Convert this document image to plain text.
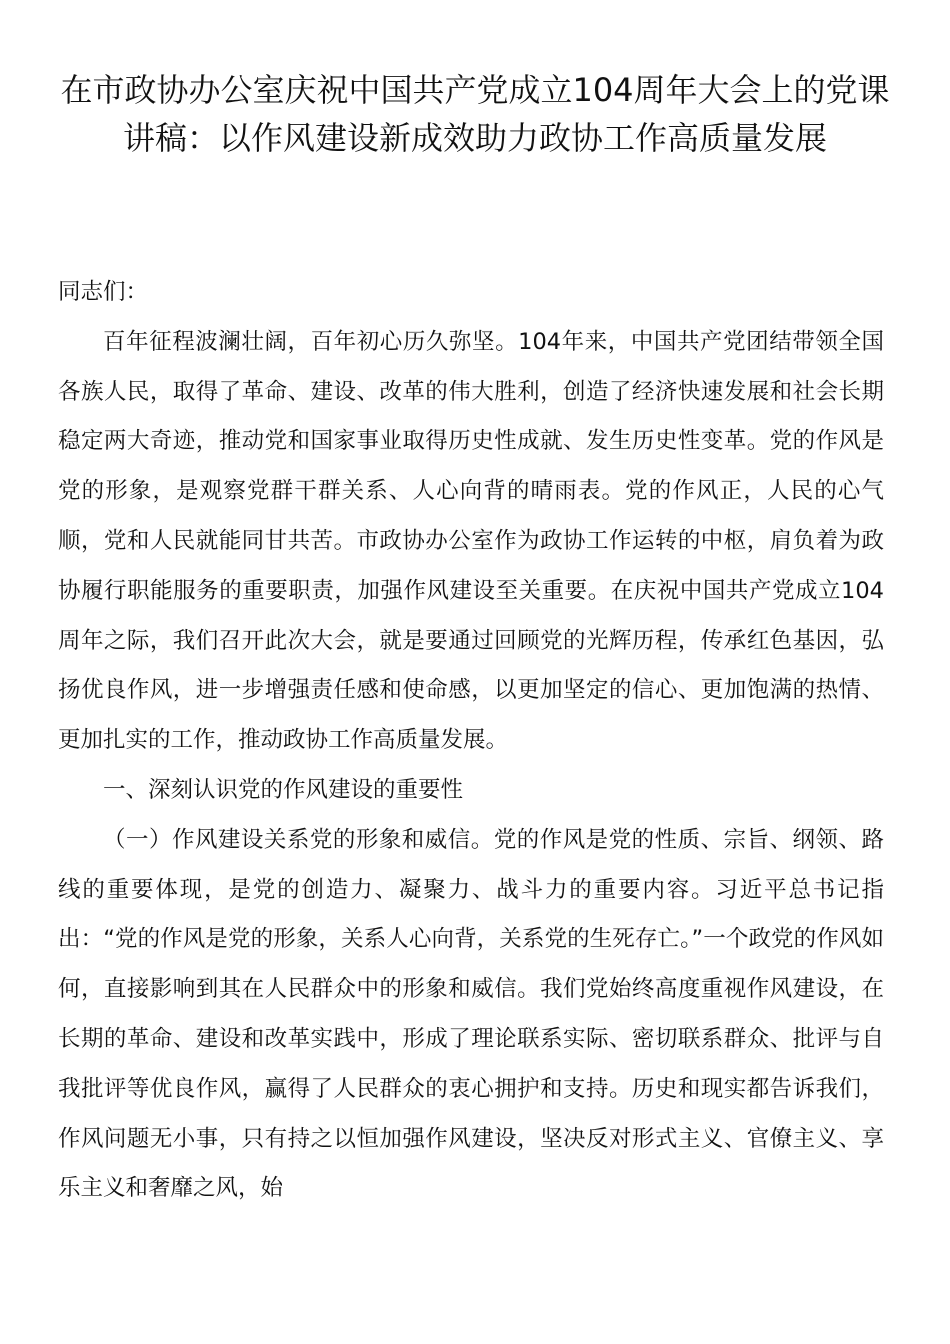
在市政协办公室庆祝中国共产党成立104周年大会上的党课讲稿：以作风建设新成效助力政协工作高质量发展

同志们：

百年征程波澜壮阔，百年初心历久弥坚。104年来，中国共产党团结带领全国各族人民，取得了革命、建设、改革的伟大胜利，创造了经济快速发展和社会长期稳定两大奇迹，推动党和国家事业取得历史性成就、发生历史性变革。党的作风是党的形象，是观察党群干群关系、人心向背的晴雨表。党的作风正，人民的心气顺，党和人民就能同甘共苦。市政协办公室作为政协工作运转的中枢，肩负着为政协履行职能服务的重要职责，加强作风建设至关重要。在庆祝中国共产党成立104周年之际，我们召开此次大会，就是要通过回顾党的光辉历程，传承红色基因，弘扬优良作风，进一步增强责任感和使命感，以更加坚定的信心、更加饱满的热情、更加扎实的工作，推动政协工作高质量发展。

一、深刻认识党的作风建设的重要性

（一）作风建设关系党的形象和威信。党的作风是党的性质、宗旨、纲领、路线的重要体现，是党的创造力、凝聚力、战斗力的重要内容。习近平总书记指出：“党的作风是党的形象，关系人心向背，关系党的生死存亡。”一个政党的作风如何，直接影响到其在人民群众中的形象和威信。我们党始终高度重视作风建设，在长期的革命、建设和改革实践中，形成了理论联系实际、密切联系群众、批评与自我批评等优良作风，赢得了人民群众的衷心拥护和支持。历史和现实都告诉我们，作风问题无小事，只有持之以恒加强作风建设，坚决反对形式主义、官僚主义、享乐主义和奢靡之风，始
